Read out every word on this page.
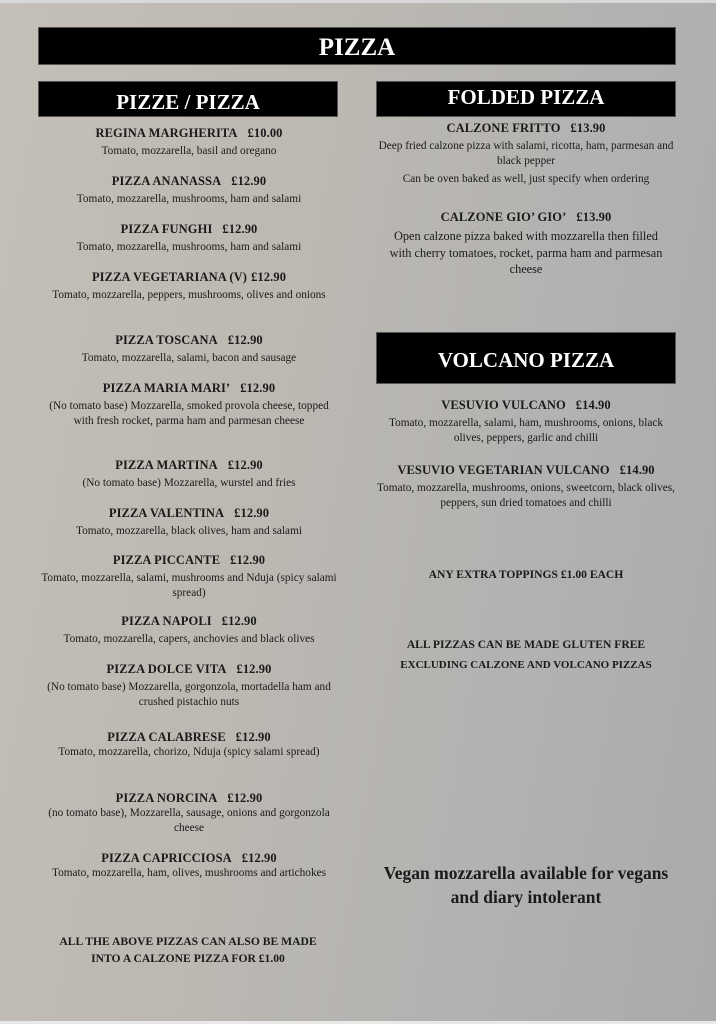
PIZZA
PIZZE / PIZZA
REGINA MARGHERITA £10.00
Tomato, mozzarella, basil and oregano
PIZZA ANANASSA £12.90
Tomato, mozzarella, mushrooms, ham and salami
PIZZA FUNGHI £12.90
Tomato, mozzarella, mushrooms, ham and salami
PIZZA VEGETARIANA (V) £12.90
Tomato, mozzarella, peppers, mushrooms, olives and onions
PIZZA TOSCANA £12.90
Tomato, mozzarella, salami, bacon and sausage
PIZZA MARIA MARI’ £12.90
(No tomato base) Mozzarella, smoked provola cheese, topped with fresh rocket, parma ham and parmesan cheese
PIZZA MARTINA £12.90
(No tomato base) Mozzarella, wurstel and fries
PIZZA VALENTINA £12.90
Tomato, mozzarella, black olives, ham and salami
PIZZA PICCANTE £12.90
Tomato, mozzarella, salami, mushrooms and Nduja (spicy salami spread)
PIZZA NAPOLI £12.90
Tomato, mozzarella, capers, anchovies and black olives
PIZZA DOLCE VITA £12.90
(No tomato base) Mozzarella, gorgonzola, mortadella ham and crushed pistachio nuts
PIZZA CALABRESE £12.90
Tomato, mozzarella, chorizo, Nduja (spicy salami spread)
PIZZA NORCINA £12.90
(no tomato base), Mozzarella, sausage, onions and gorgonzola cheese
PIZZA CAPRICCIOSA £12.90
Tomato, mozzarella, ham, olives, mushrooms and artichokes
ALL THE ABOVE PIZZAS CAN ALSO BE MADE
INTO A CALZONE PIZZA FOR £1.00
FOLDED PIZZA
CALZONE FRITTO £13.90
Deep fried calzone pizza with salami, ricotta, ham, parmesan and black pepper
Can be oven baked as well, just specify when ordering
CALZONE GIO’ GIO’ £13.90
Open calzone pizza baked with mozzarella then filled with cherry tomatoes, rocket, parma ham and parmesan cheese
VOLCANO PIZZA
VESUVIO VULCANO £14.90
Tomato, mozzarella, salami, ham, mushrooms, onions, black olives, peppers, garlic and chilli
VESUVIO VEGETARIAN VULCANO £14.90
Tomato, mozzarella, mushrooms, onions, sweetcorn, black olives, peppers, sun dried tomatoes and chilli
ANY EXTRA TOPPINGS £1.00 EACH
ALL PIZZAS CAN BE MADE GLUTEN FREE
EXCLUDING CALZONE AND VOLCANO PIZZAS
Vegan mozzarella available for vegans and diary intolerant
